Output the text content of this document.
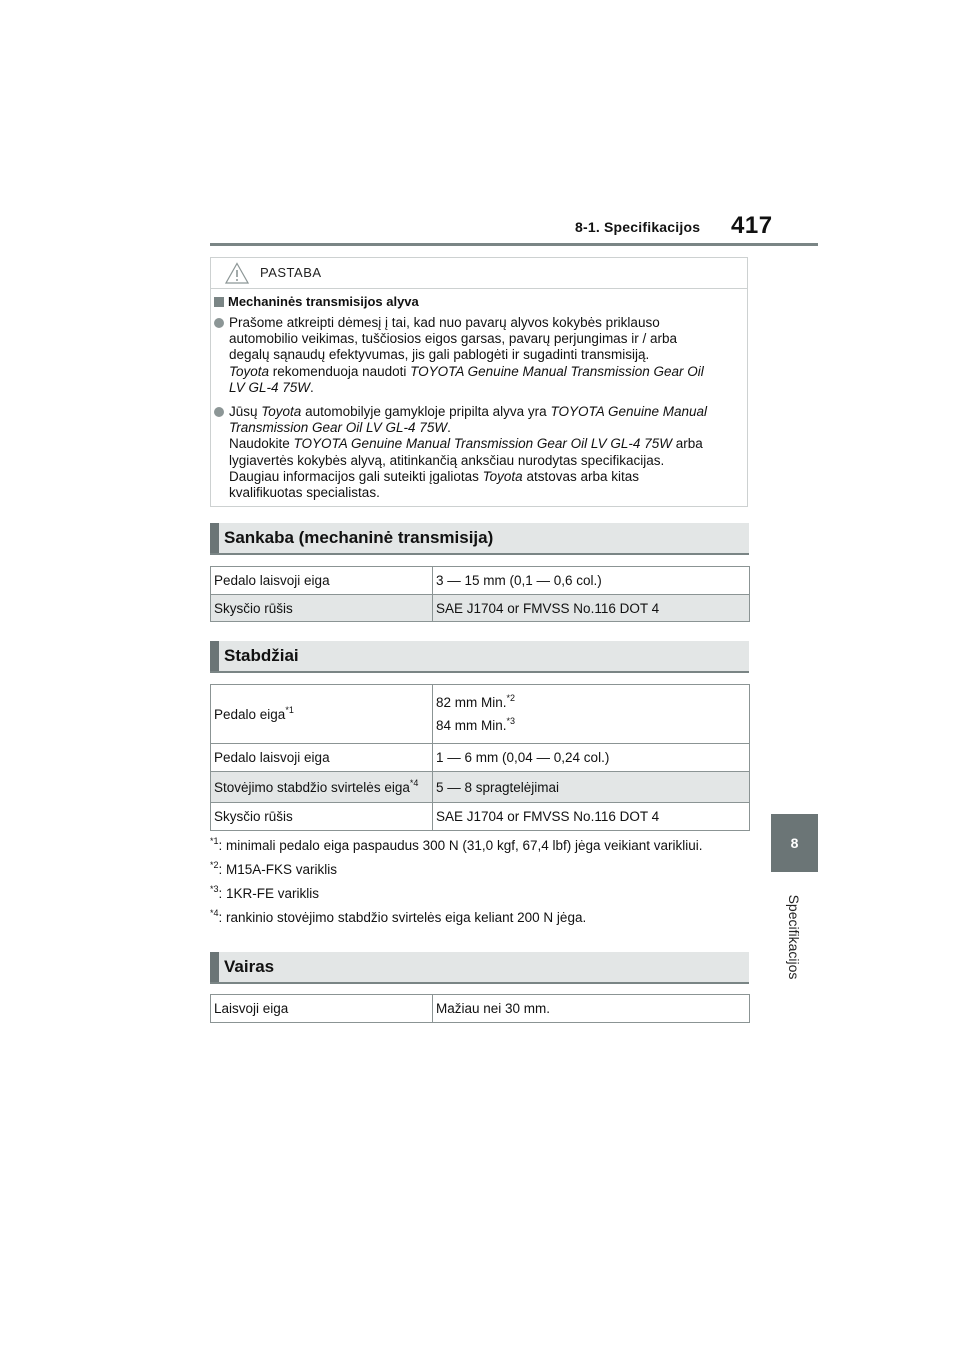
8-1. Specifikacijos 417
8
Specifikacijos
PASTABA
Mechaninės transmisijos alyva
Prašome atkreipti dėmesį į tai, kad nuo pavarų alyvos kokybės priklauso
automobilio veikimas, tuščiosios eigos garsas, pavarų perjungimas ir / arba
degalų sąnaudų efektyvumas, jis gali pablogėti ir sugadinti transmisiją.
Toyota rekomenduoja naudoti TOYOTA Genuine Manual Transmission Gear Oil
LV GL-4 75W.
Jūsų Toyota automobilyje gamykloje pripilta alyva yra TOYOTA Genuine Manual
Transmission Gear Oil LV GL-4 75W.
Naudokite TOYOTA Genuine Manual Transmission Gear Oil LV GL-4 75W arba
lygiavertės kokybės alyvą, atitinkančią anksčiau nurodytas specifikacijas.
Daugiau informacijos gali suteikti įgaliotas Toyota atstovas arba kitas
kvalifikuotas specialistas.
Sankaba (mechaninė transmisija)
Pedalo laisvoji eiga	3 — 15 mm (0,1 — 0,6 col.)
Skysčio rūšis	SAE J1704 or FMVSS No.116 DOT 4
Stabdžiai
Pedalo eiga$^{*1}$	82 mm Min.$^{*2}$
84 mm Min.$^{*3}$

Pedalo laisvoji eiga	1 — 6 mm (0,04 — 0,24 col.)
Stovėjimo stabdžio svirtelės eiga$^{*4}$	5 — 8 spragtelėjimai
Skysčio rūšis	SAE J1704 or FMVSS No.116 DOT 4
$^{*1}$: minimali pedalo eiga paspaudus 300 N (31,0 kgf, 67,4 lbf) jėga veikiant varikliui.
$^{*2}$: M15A-FKS variklis
$^{*3}$: 1KR-FE variklis
$^{*4}$: rankinio stovėjimo stabdžio svirtelės eiga keliant 200 N jėga.
Vairas
Laisvoji eiga	Mažiau nei 30 mm.
